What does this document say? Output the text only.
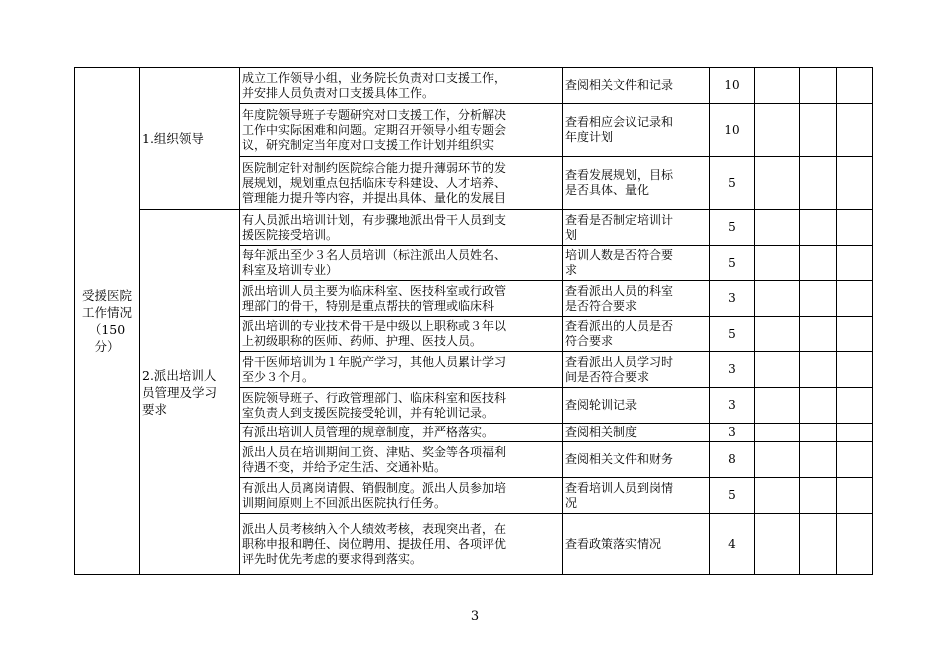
受援医院
工作情况
（150
分）	1.组织领导	成立工作领导小组，业务院长负责对口支援工作，
并安排人员负责对口支援具体工作。	查阅相关文件和记录	10			
		年度院领导班子专题研究对口支援工作，分析解决
工作中实际困难和问题。定期召开领导小组专题会
议，研究制定当年度对口支援工作计划并组织实	查看相应会议记录和
年度计划	10			
		医院制定针对制约医院综合能力提升薄弱环节的发
展规划，规划重点包括临床专科建设、人才培养、
管理能力提升等内容，并提出具体、量化的发展目	查看发展规划，目标
是否具体、量化	5			
	2.派出培训人
员管理及学习
要求	有人员派出培训计划，有步骤地派出骨干人员到支
援医院接受培训。	查看是否制定培训计
划	5			
		每年派出至少３名人员培训（标注派出人员姓名、
科室及培训专业）	培训人数是否符合要
求	5			
		派出培训人员主要为临床科室、医技科室或行政管
理部门的骨干，特别是重点帮扶的管理或临床科	查看派出人员的科室
是否符合要求	3			
		派出培训的专业技术骨干是中级以上职称或３年以
上初级职称的医师、药师、护理、医技人员。	查看派出的人员是否
符合要求	5			
		骨干医师培训为１年脱产学习，其他人员累计学习
至少３个月。	查看派出人员学习时
间是否符合要求	3			
		医院领导班子、行政管理部门、临床科室和医技科
室负责人到支援医院接受轮训，并有轮训记录。	查阅轮训记录	3			
		有派出培训人员管理的规章制度，并严格落实。	查阅相关制度	3			
		派出人员在培训期间工资、津贴、奖金等各项福利
待遇不变，并给予定生活、交通补贴。	查阅相关文件和财务	8			
		有派出人员离岗请假、销假制度。派出人员参加培
训期间原则上不回派出医院执行任务。	查看培训人员到岗情
况	5			
		派出人员考核纳入个人绩效考核，表现突出者，在
职称申报和聘任、岗位聘用、提拔任用、各项评优
评先时优先考虑的要求得到落实。	查看政策落实情况	4			
3
